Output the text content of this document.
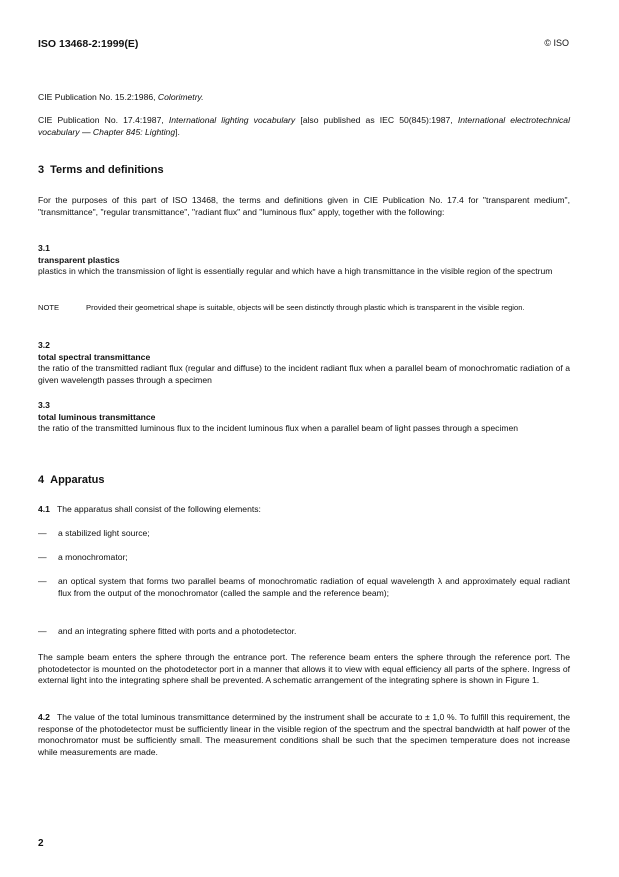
ISO 13468-2:1999(E)	© ISO

CIE Publication No. 15.2:1986, Colorimetry.

CIE Publication No. 17.4:1987, International lighting vocabulary [also published as IEC 50(845):1987, International electrotechnical vocabulary — Chapter 845: Lighting].

3 Terms and definitions

For the purposes of this part of ISO 13468, the terms and definitions given in CIE Publication No. 17.4 for "transparent medium", "transmittance", "regular transmittance", "radiant flux" and "luminous flux" apply, together with the following:

3.1

transparent plastics

plastics in which the transmission of light is essentially regular and which have a high transmittance in the visible region of the spectrum

NOTE	Provided their geometrical shape is suitable, objects will be seen distinctly through plastic which is transparent in the visible region.

3.2

total spectral transmittance

the ratio of the transmitted radiant flux (regular and diffuse) to the incident radiant flux when a parallel beam of monochromatic radiation of a given wavelength passes through a specimen

3.3

total luminous transmittance

the ratio of the transmitted luminous flux to the incident luminous flux when a parallel beam of light passes through a specimen

4 Apparatus

4.1 The apparatus shall consist of the following elements:

— a stabilized light source;

— a monochromator;

— an optical system that forms two parallel beams of monochromatic radiation of equal wavelength λ and approximately equal radiant flux from the output of the monochromator (called the sample and the reference beam);

— and an integrating sphere fitted with ports and a photodetector.

The sample beam enters the sphere through the entrance port. The reference beam enters the sphere through the reference port. The photodetector is mounted on the photodetector port in a manner that allows it to view with equal efficiency all parts of the sphere. Ingress of external light into the integrating sphere shall be prevented. A schematic arrangement of the integrating sphere is shown in Figure 1.

4.2 The value of the total luminous transmittance determined by the instrument shall be accurate to ± 1,0 %. To fulfill this requirement, the response of the photodetector must be sufficiently linear in the visible region of the spectrum and the spectral bandwidth at half power of the monochromator must be sufficiently small. The measurement conditions shall be such that the specimen temperature does not increase while measurements are made.

2
